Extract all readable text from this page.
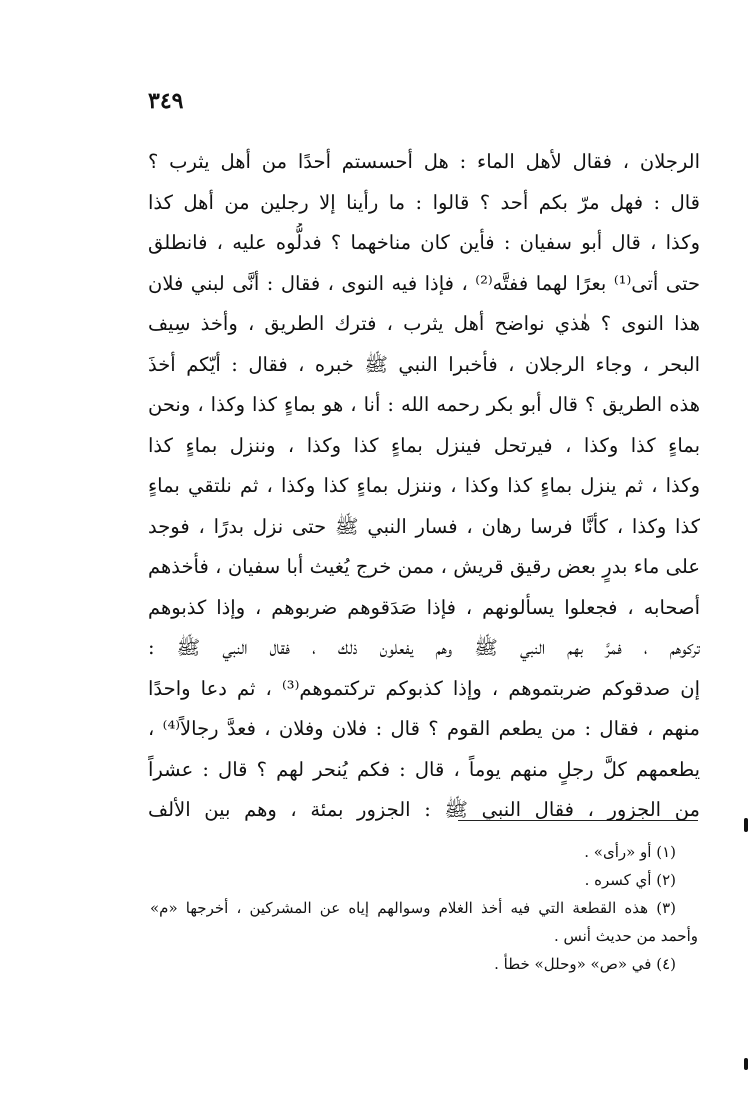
٣٤٩
الرجلان ، فقال لأهل الماء : هل أحسستم أحدًا من أهل يثرب ؟
قال : فهل مرّ بكم أحد ؟ قالوا : ما رأينا إلا رجلين من أهل كذا
وكذا ، قال أبو سفيان : فأين كان مناخهما ؟ فدلُّوه عليه ، فانطلق
حتى أتى⁽¹⁾ بعرًا لهما ففتَّه⁽²⁾ ، فإذا فيه النوى ، فقال : أنَّى لبني فلان
هذا النوى ؟ هٰذي نواضح أهل يثرب ، فترك الطريق ، وأخذ سِيف
البحر ، وجاء الرجلان ، فأخبرا النبي ﷺ خبره ، فقال : أيّكم أخذَ
هذه الطريق ؟ قال أبو بكر رحمه الله : أنا ، هو بماءٍ كذا وكذا ، ونحن
بماءٍ كذا وكذا ، فيرتحل فينزل بماءٍ كذا وكذا ، وننزل بماءٍ كذا
وكذا ، ثم ينزل بماءٍ كذا وكذا ، وننزل بماءٍ كذا وكذا ، ثم نلتقي بماءٍ
كذا وكذا ، كأنَّا فرسا رهان ، فسار النبي ﷺ حتى نزل بدرًا ، فوجد
على ماء بدرٍ بعض رقيق قريش ، ممن خرج يُغيث أبا سفيان ، فأخذهم
أصحابه ، فجعلوا يسألونهم ، فإذا صَدَقوهم ضربوهم ، وإذا كذبوهم
تركوهم ، فمرَّ بهم النبي ﷺ وهم يفعلون ذلك ، فقال النبي ﷺ :
إن صدقوكم ضربتموهم ، وإذا كذبوكم تركتموهم⁽³⁾ ، ثم دعا واحدًا
منهم ، فقال : من يطعم القوم ؟ قال : فلان وفلان ، فعدَّ رجالاً⁽⁴⁾ ،
يطعمهم كلَّ رجلٍ منهم يوماً ، قال : فكم يُنحر لهم ؟ قال : عشراً
من الجزور ، فقال النبي ﷺ : الجزور بمئة ، وهم بين الألف
(١) أو «رأى» .
(٢) أي كسره .
(٣) هذه القطعة التي فيه أخذ الغلام وسوالهم إياه عن المشركين ، أخرجها «م»
وأحمد من حديث أنس .
(٤) في «ص» «وحلل» خطأ .
